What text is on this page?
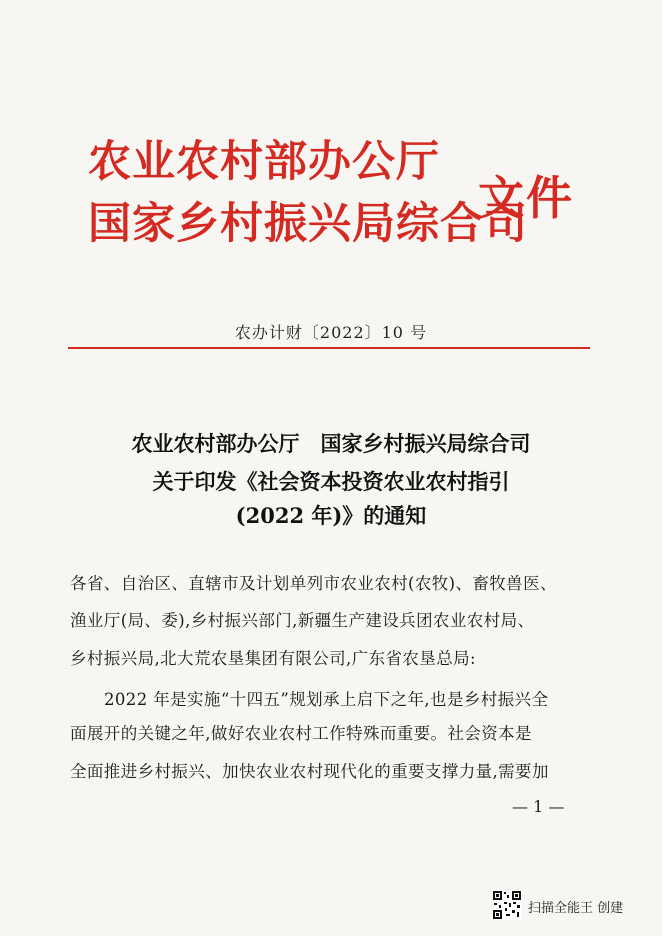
农业农村部办公厅
国家乡村振兴局综合司
文件
农办计财〔2022〕10 号
农业农村部办公厅　国家乡村振兴局综合司
关于印发《社会资本投资农业农村指引
(2022 年)》的通知
各省、自治区、直辖市及计划单列市农业农村(农牧)、畜牧兽医、
渔业厅(局、委),乡村振兴部门,新疆生产建设兵团农业农村局、
乡村振兴局,北大荒农垦集团有限公司,广东省农垦总局:
2022 年是实施“十四五”规划承上启下之年,也是乡村振兴全
面展开的关键之年,做好农业农村工作特殊而重要。社会资本是
全面推进乡村振兴、加快农业农村现代化的重要支撑力量,需要加
— 1 —
扫描全能王 创建
